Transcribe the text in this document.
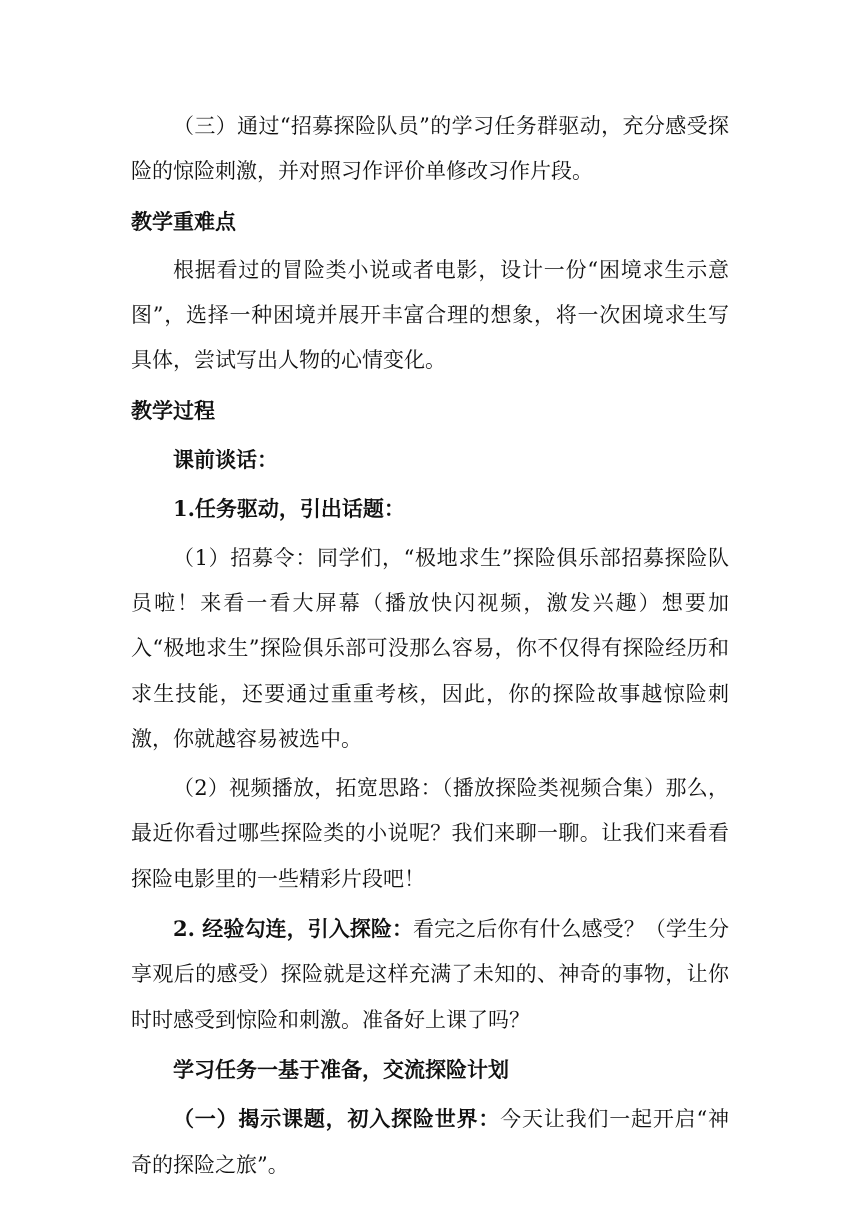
（三）通过“招募探险队员”的学习任务群驱动，充分感受探险的惊险刺激，并对照习作评价单修改习作片段。

教学重难点

根据看过的冒险类小说或者电影，设计一份“困境求生示意图”，选择一种困境并展开丰富合理的想象，将一次困境求生写具体，尝试写出人物的心情变化。

教学过程

课前谈话：

1.任务驱动，引出话题：

（1）招募令：同学们，“极地求生”探险俱乐部招募探险队员啦！来看一看大屏幕（播放快闪视频，激发兴趣）想要加入“极地求生”探险俱乐部可没那么容易，你不仅得有探险经历和求生技能，还要通过重重考核，因此，你的探险故事越惊险刺激，你就越容易被选中。

（2）视频播放，拓宽思路：（播放探险类视频合集）那么，最近你看过哪些探险类的小说呢？我们来聊一聊。让我们来看看探险电影里的一些精彩片段吧！

2. 经验勾连，引入探险：看完之后你有什么感受？（学生分享观后的感受）探险就是这样充满了未知的、神奇的事物，让你时时感受到惊险和刺激。准备好上课了吗？

学习任务一基于准备，交流探险计划

（一）揭示课题，初入探险世界：今天让我们一起开启“神奇的探险之旅”。
